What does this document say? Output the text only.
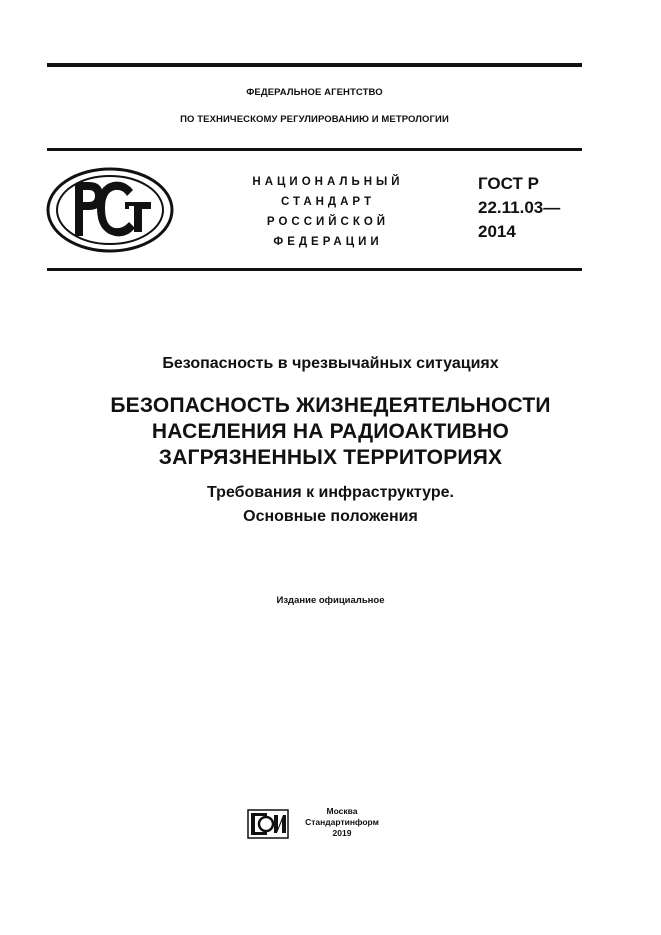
ФЕДЕРАЛЬНОЕ АГЕНТСТВО
ПО ТЕХНИЧЕСКОМУ РЕГУЛИРОВАНИЮ И МЕТРОЛОГИИ
НАЦИОНАЛЬНЫЙ
СТАНДАРТ
РОССИЙСКОЙ
ФЕДЕРАЦИИ
ГОСТ Р
22.11.03—
2014
Безопасность в чрезвычайных ситуациях
БЕЗОПАСНОСТЬ ЖИЗНЕДЕЯТЕЛЬНОСТИ
НАСЕЛЕНИЯ НА РАДИОАКТИВНО
ЗАГРЯЗНЕННЫХ ТЕРРИТОРИЯХ
Требования к инфраструктуре.
Основные положения
Издание официальное
Москва
Стандартинформ
2019
